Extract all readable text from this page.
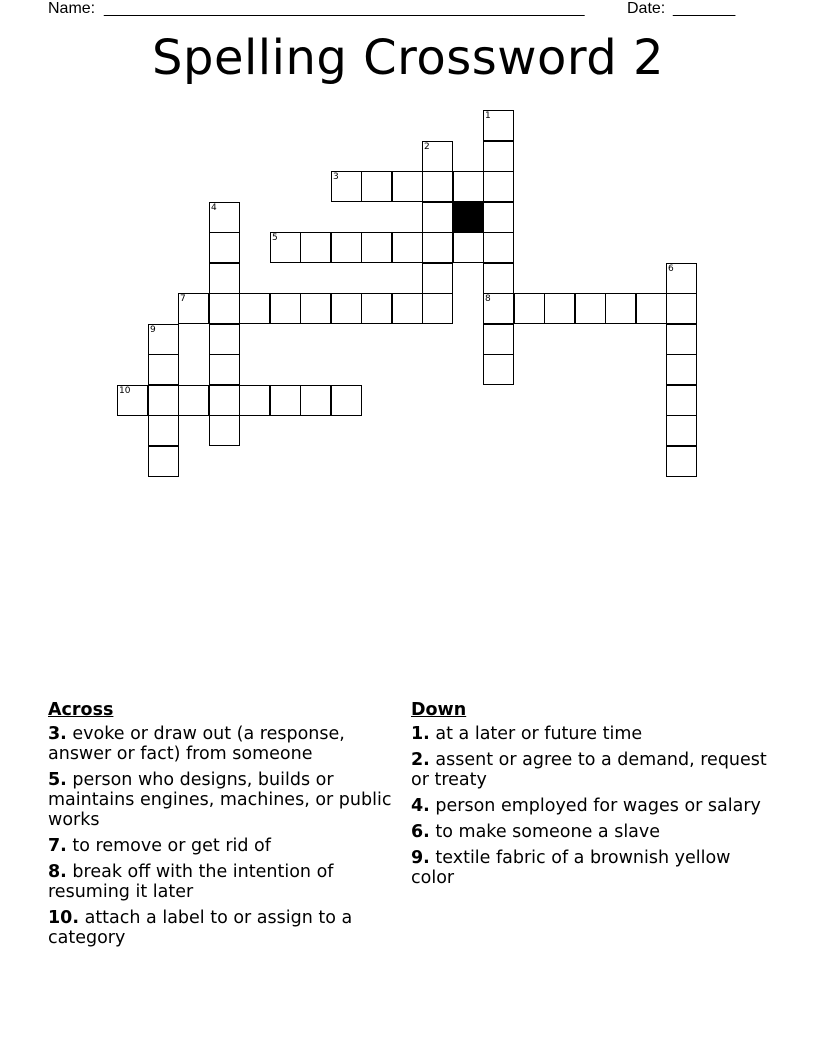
Name: ______________________________________________________	Date: _______
Spelling Crossword 2
1
2
3
4
5
6
7	8
9
10
Across
3. evoke or draw out (a response, answer or fact) from someone
5. person who designs, builds or maintains engines, machines, or public works
7. to remove or get rid of
8. break off with the intention of resuming it later
10. attach a label to or assign to a category
Down
1. at a later or future time
2. assent or agree to a demand, request or treaty
4. person employed for wages or salary
6. to make someone a slave
9. textile fabric of a brownish yellow color
